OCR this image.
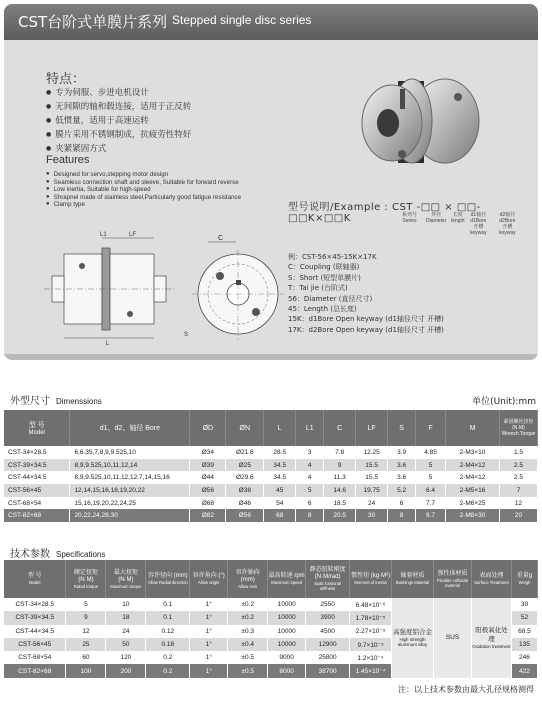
CST台阶式单膜片系列 Stepped single disc series
特点：
● 专为伺服、步进电机设计
● 无间隙的轴和毂连接，适用于正反转
● 低惯量，适用于高速运转
● 膜片采用不锈钢制成，抗疲劳性特好
● 夹紧紧固方式
Features
● Designed for servo,stepping motor design
● Seamless connection shaft and sleeve, Suitable for forward reverse
● Low inertia, Suitable for high-speed
● Shrapnel made of stainless steel,Particularly good fatigue resistance
● Clamp type	型号说明/Example : CST -□□ × □□-□□K×□□K	系列号
Series
外径
Diameter
长度
lenght
d1轴径
d1Bore
开槽
keyway
d2轴径
d2Bore
开槽
keyway
L1	LF
L
C
S
例：CST-56×45-15K×17K
C：Coupling (联轴器)
S：Short (短型单膜片)
T：Tai jie (台阶式)
56：Diameter (直径尺寸)
45：Length (总长度)
15K：d1Bore Open keyway (d1轴径尺寸 开槽)
17K：d2Bore Open keyway (d1轴径尺寸 开槽)
外型尺寸 Dimenssions	单位(Unit):mm
型 号
Model	d1、d2、轴径 Bore	ØD	ØN	L	L1	C	LF	S	F	M	紧固螺丝扭矩
(N·M)
Wrench Torque
CST-34×28.5	6,6.35,7,8,9,9.525,10	Ø34	Ø21.6	28.5	3	7.8	12.25	3.9	4.85	2-M3×10	1.5
CST-39×34.5	8,9,9.525,10,11,12,14	Ø39	Ø25	34.5	4	9	15.5	3.6	5	2-M4×12	2.5
CST-44×34.5	8,9,9.525,10,11,12,12.7,14,15,16	Ø44	Ø29.6	34.5	4	11.3	15.5	3.6	5	2-M4×12	2.5
CST-56×45	12,14,15,16,18,19,20,22	Ø56	Ø38	45	5	14.6	19.75	5.2	6.4	2-M5×16	7
CST-68×54	15,16,19,20,22,24,25	Ø68	Ø46	54	6	18.5	24	6	7.7	2-M6×25	12
CST-82×68	20,22,24,28,30	Ø82	Ø56	68	8	20.5	30	8	9.7	2-M8×30	20
技术参数 Specifications
型 号
Model	额定扭矩 (N·M)
Rated torque	最大扭矩 (N·M)
Maximum torque	容许径向 (mm)
Allow Radial direction	容许角向 (°)
Allow angle	容许轴向 (mm)
Allow Axis	最高转速 rpm
Maximum speed	静态扭转刚度 (N·M/rad)
static torsional stiffness	惯性矩 (kg·M²)
Moment of inertia	轴套材质
Bushings Material	弹性体材质
Flexible colloidal material	表面处理
Surface Treatment	重量g
Weigh

CST-34×28.5	5	10	0.1	1°	±0.2	10000	2550	6.48×10⁻⁶	高强度铝合金
High strength aluminum alloy	SUS	阳极氧化处理
Oxidation treatment	30
CST-39×34.5	9	18	0.1	1°	±0.2	10000	3900	1.78×10⁻⁵				52
CST-44×34.5	12	24	0.12	1°	±0.3	10000	4500	2.27×10⁻⁵				68.5
CST-56×45	25	50	0.18	1°	±0.4	10000	12900	9.7×10⁻⁵				135
CST-68×54	60	120	0.2	1°	±0.5	9000	25800	1.2×10⁻⁴				246
CST-82×68	100	200	0.2	1°	±0.5	8000	38700	1.45×10⁻⁴				422
注：以上技术参数由最大孔径规格测得
